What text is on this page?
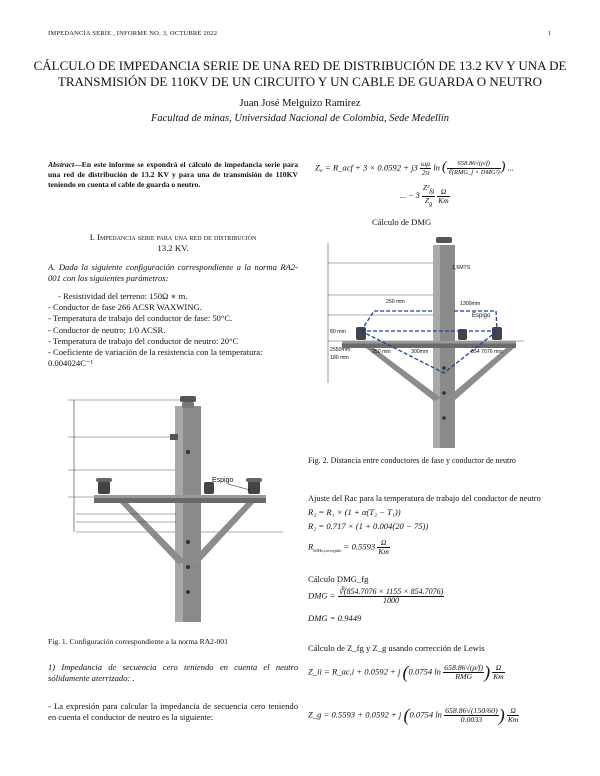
IMPEDANCIA SERIE , INFORME NO. 3, OCTUBRE 2022	1
CÁLCULO DE IMPEDANCIA SERIE DE UNA RED DE DISTRIBUCIÓN DE 13.2 KV Y UNA DE
TRANSMISIÓN DE 110KV DE UN CIRCUITO Y UN CABLE DE GUARDA O NEUTRO
Juan José Melguizo Ramírez
Facultad de minas, Universidad Nacional de Colombia, Sede Medellín
Abstract—En este informe se expondrá el cálculo de impedancia serie para una red de distribución de 13.2 KV y para una de transmisión de 110KV teniendo en cuenta el cable de guarda o neutro.
I. Impedancia serie para una red de distribución
13.2 KV.
A. Dada la siguiente configuración correspondiente a la norma RA2-001 con los siguientes parámetros:
- Resistividad del terreno: 150Ω ∗ m.
- Conductor de fase 266 ACSR WAXWING.
- Temperatura de trabajo del conductor de fase: 50°C.
- Conductor de neutro: 1/0 ACSR.
- Temperatura de trabajo del conductor de neutro: 20°C
- Coeficiente de variación de la resistencia con la temperatura: 0.004024C⁻¹
Espigo
Fig. 1. Configuración correspondiente a la norma RA2-001
1) Impedancia de secuencia cero teniendo en cuenta el neutro sólidamente aterrizado: .
- La expresión para calcular la impedancia de secuencia cero teniendo en cuenta el conductor de neutro es la siguiente:
Z₀ = R_acf + $3 \times 0.0592 + j3 \frac{\omega\mu}{2\pi}$ ln ( $\frac{658.86√(\rho/f)}{\text{∛(RMG\_f × DMG²)}}$ ) ...
... − $3 \frac{Z^2_{fg}}{Z_g}$
$\frac{\Omega}{Km}$
Cálculo de DMG
1,6MTS
250 mm	1300mm
Espigo
80 mm
2550mm	250 mm
180 mm
300mm	854 7076 mm
Fig. 2. Distancia entre conductores de fase y conductor de neutro
Ajuste del Rac para la temperatura de trabajo del conductor de neutro
R₂ = R₁ × (1 + α(T₂ − T₁))
R₂ = 0.717 × (1 + 0.004(20 − 75))
$R_{60Hz,corregido} = 0.5593 \frac{\Omega}{Km}$
Cálculo DMG_fg
DMG = $\frac{∛(854.7076 \times 1155 \times 854.7076)}{1000}$
DMG = 0.9449
Cálculo de Z_fg y Z_g usando corrección de Lewis
Z_ii = R_ac,i + 0.0592 + j (0.0754 $\ln \frac{658.86√(\rho/f)}{\text{RMG}}$ ) $\frac{\Omega}{Km}$
Z_g = 0.5593 + 0.0592 + j (0.0754 $\ln \frac{658.86√(150/60)}{0.0033}$ ) $\frac{\Omega}{Km}$
